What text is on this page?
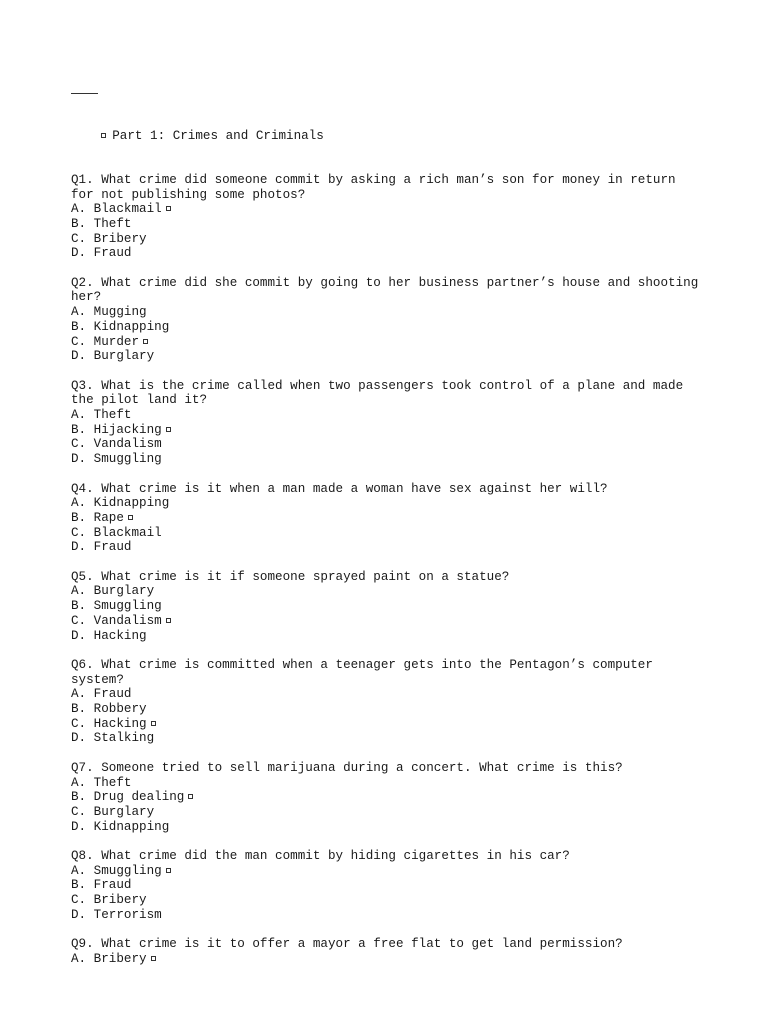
Part 1: Crimes and Criminals

Q1. What crime did someone commit by asking a rich man’s son for money in return for not publishing some photos?
A. Blackmail
B. Theft
C. Bribery
D. Fraud
Q2. What crime did she commit by going to her business partner’s house and shooting her?
A. Mugging
B. Kidnapping
C. Murder
D. Burglary
Q3. What is the crime called when two passengers took control of a plane and made the pilot land it?
A. Theft
B. Hijacking
C. Vandalism
D. Smuggling
Q4. What crime is it when a man made a woman have sex against her will?
A. Kidnapping
B. Rape
C. Blackmail
D. Fraud
Q5. What crime is it if someone sprayed paint on a statue?
A. Burglary
B. Smuggling
C. Vandalism
D. Hacking
Q6. What crime is committed when a teenager gets into the Pentagon’s computer system?
A. Fraud
B. Robbery
C. Hacking
D. Stalking
Q7. Someone tried to sell marijuana during a concert. What crime is this?
A. Theft
B. Drug dealing
C. Burglary
D. Kidnapping
Q8. What crime did the man commit by hiding cigarettes in his car?
A. Smuggling
B. Fraud
C. Bribery
D. Terrorism
Q9. What crime is it to offer a mayor a free flat to get land permission?
A. Bribery
